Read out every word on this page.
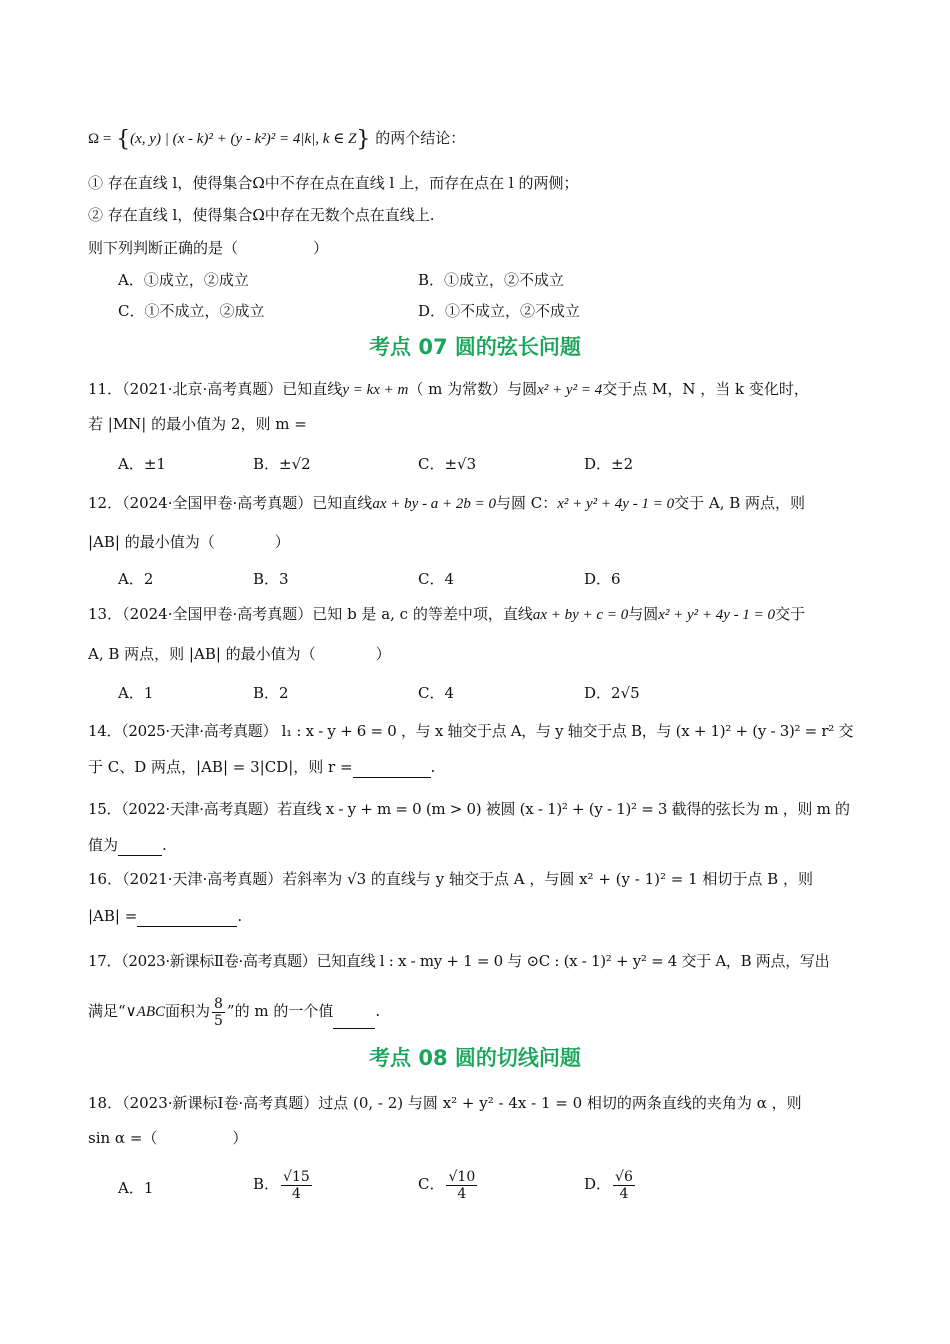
Ω = {(x, y) | (x - k)² + (y - k²)² = 4|k|, k ∈ Z} 的两个结论：
① 存在直线 l，使得集合Ω中不存在点在直线 l 上，而存在点在 l 的两侧；
② 存在直线 l，使得集合Ω中存在无数个点在直线上.
则下列判断正确的是（　　　　　）
A．①成立，②成立	B．①成立，②不成立
C．①不成立，②成立	D．①不成立，②不成立
考点 07 圆的弦长问题
11．（2021·北京·高考真题）已知直线y = kx + m（ m 为常数）与圆x² + y² = 4交于点 M，N ，当 k 变化时，
若 |MN| 的最小值为 2，则 m =
A．±1	B．±√2	C．±√3	D．±2
12．（2024·全国甲卷·高考真题）已知直线ax + by - a + 2b = 0与圆 C：x² + y² + 4y - 1 = 0交于 A, B 两点，则
|AB| 的最小值为（　　　　）
A．2	B．3	C．4	D．6
13．（2024·全国甲卷·高考真题）已知 b 是 a, c 的等差中项，直线ax + by + c = 0与圆x² + y² + 4y - 1 = 0交于
A, B 两点，则 |AB| 的最小值为（　　　　）
A．1	B．2	C．4	D．2√5
14．（2025·天津·高考真题） l₁ : x - y + 6 = 0 ，与 x 轴交于点 A，与 y 轴交于点 B，与 (x + 1)² + (y - 3)² = r² 交
于 C、D 两点，|AB| = 3|CD|，则 r =	.
15．（2022·天津·高考真题）若直线 x - y + m = 0 (m > 0) 被圆 (x - 1)² + (y - 1)² = 3 截得的弦长为 m ，则 m 的
值为	.
16．（2021·天津·高考真题）若斜率为 √3 的直线与 y 轴交于点 A ，与圆 x² + (y - 1)² = 1 相切于点 B ，则
|AB| =	.
17．（2023·新课标Ⅱ卷·高考真题）已知直线 l : x - my + 1 = 0 与 ⊙C : (x - 1)² + y² = 4 交于 A，B 两点，写出
满足“∨ABC面积为 $\frac{8}{5}$ ”的 m 的一个值	.
考点 08 圆的切线问题
18．（2023·新课标Ⅰ卷·高考真题）过点 (0, - 2) 与圆 x² + y² - 4x - 1 = 0 相切的两条直线的夹角为 α ，则
sin α =（　　　　　）
A．1	B． $\frac{√15}{4}$	C． $\frac{√10}{4}$	D． $\frac{√6}{4}$
